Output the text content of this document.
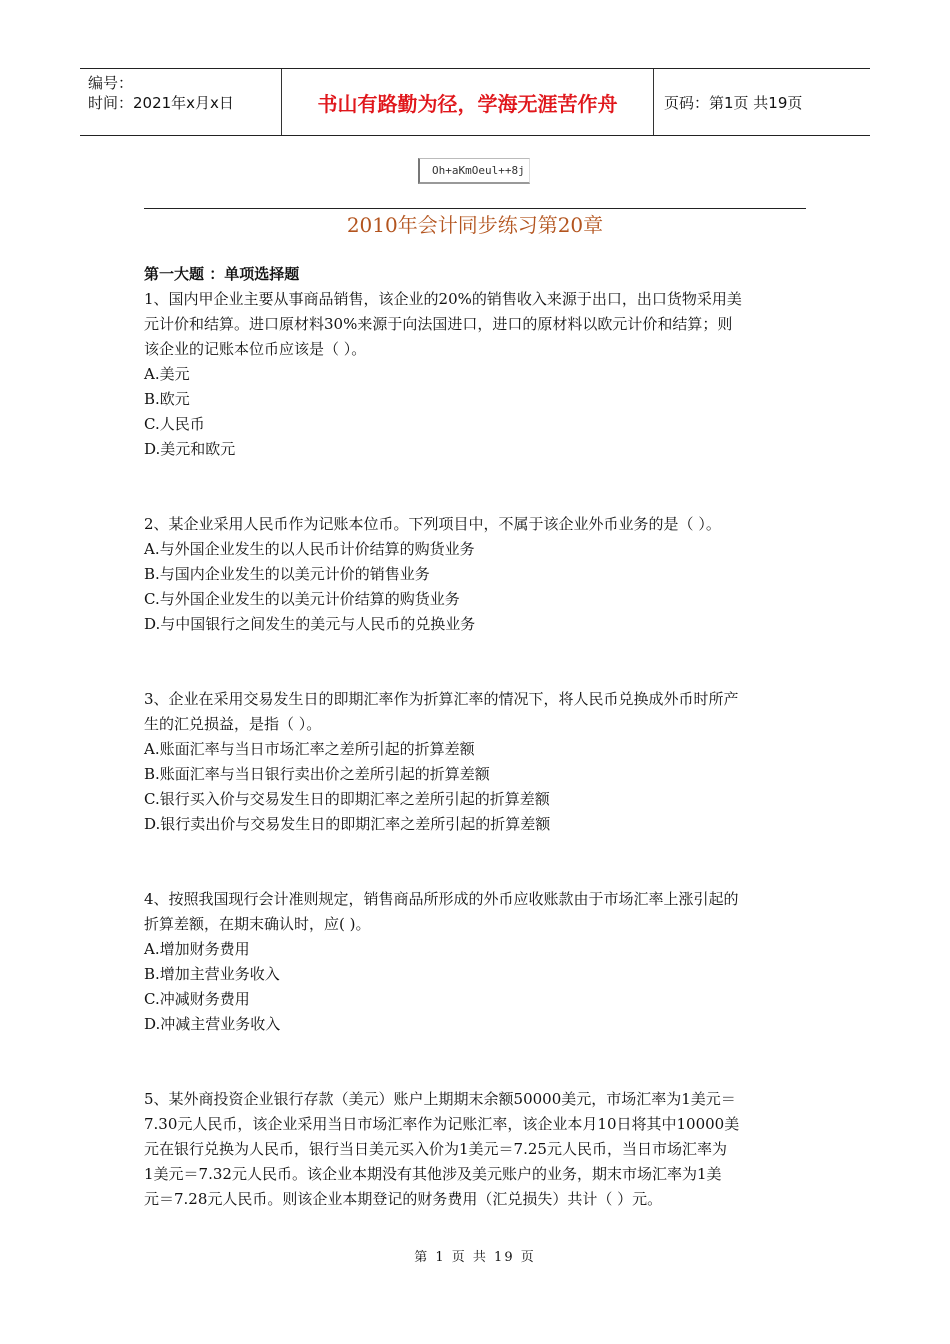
编号：
时间：2021年x月x日	书山有路勤为径，学海无涯苦作舟	页码：第1页 共19页
Oh+aKmOeul++8j
2010年会计同步练习第20章
第一大题 ：单项选择题

1、国内甲企业主要从事商品销售，该企业的20%的销售收入来源于出口，出口货物采用美

元计价和结算。进口原材料30%来源于向法国进口，进口的原材料以欧元计价和结算；则

该企业的记账本位币应该是（ ）。

A.美元

B.欧元

C.人民币

D.美元和欧元

2、某企业采用人民币作为记账本位币。下列项目中，不属于该企业外币业务的是（ ）。

A.与外国企业发生的以人民币计价结算的购货业务

B.与国内企业发生的以美元计价的销售业务

C.与外国企业发生的以美元计价结算的购货业务

D.与中国银行之间发生的美元与人民币的兑换业务

3、企业在采用交易发生日的即期汇率作为折算汇率的情况下，将人民币兑换成外币时所产

生的汇兑损益，是指（ ）。

A.账面汇率与当日市场汇率之差所引起的折算差额

B.账面汇率与当日银行卖出价之差所引起的折算差额

C.银行买入价与交易发生日的即期汇率之差所引起的折算差额

D.银行卖出价与交易发生日的即期汇率之差所引起的折算差额

4、按照我国现行会计准则规定，销售商品所形成的外币应收账款由于市场汇率上涨引起的

折算差额，在期末确认时，应( )。

A.增加财务费用

B.增加主营业务收入

C.冲减财务费用

D.冲减主营业务收入

5、某外商投资企业银行存款（美元）账户上期期末余额50000美元，市场汇率为1美元＝

7.30元人民币，该企业采用当日市场汇率作为记账汇率，该企业本月10日将其中10000美

元在银行兑换为人民币，银行当日美元买入价为1美元＝7.25元人民币，当日市场汇率为

1美元＝7.32元人民币。该企业本期没有其他涉及美元账户的业务，期末市场汇率为1美

元＝7.28元人民币。则该企业本期登记的财务费用（汇兑损失）共计（ ）元。

第 1 页 共 19 页
